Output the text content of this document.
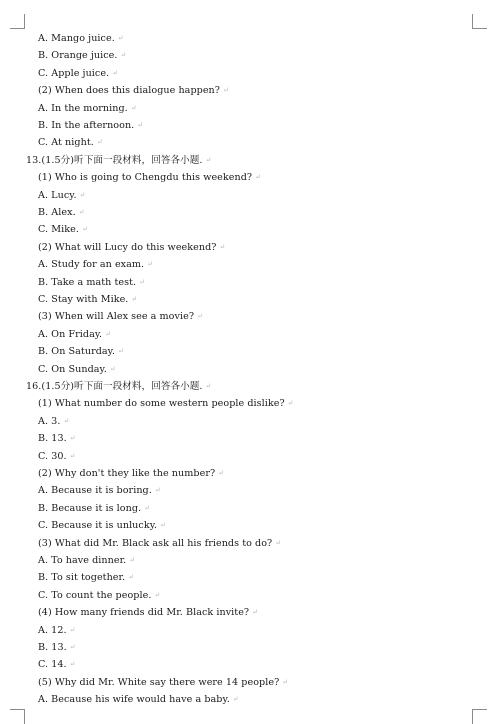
A. Mango juice. ↵
B. Orange juice. ↵
C. Apple juice. ↵
(2) When does this dialogue happen? ↵
A. In the morning. ↵
B. In the afternoon. ↵
C. At night. ↵
13.(1.5分)听下面一段材料，回答各小题. ↵
(1) Who is going to Chengdu this weekend? ↵
A. Lucy. ↵
B. Alex. ↵
C. Mike. ↵
(2) What will Lucy do this weekend? ↵
A. Study for an exam. ↵
B. Take a math test. ↵
C. Stay with Mike. ↵
(3) When will Alex see a movie? ↵
A. On Friday. ↵
B. On Saturday. ↵
C. On Sunday. ↵
16.(1.5分)听下面一段材料，回答各小题. ↵
(1) What number do some western people dislike? ↵
A. 3. ↵
B. 13. ↵
C. 30. ↵
(2) Why don't they like the number? ↵
A. Because it is boring. ↵
B. Because it is long. ↵
C. Because it is unlucky. ↵
(3) What did Mr. Black ask all his friends to do? ↵
A. To have dinner. ↵
B. To sit together. ↵
C. To count the people. ↵
(4) How many friends did Mr. Black invite? ↵
A. 12. ↵
B. 13. ↵
C. 14. ↵
(5) Why did Mr. White say there were 14 people? ↵
A. Because his wife would have a baby. ↵
